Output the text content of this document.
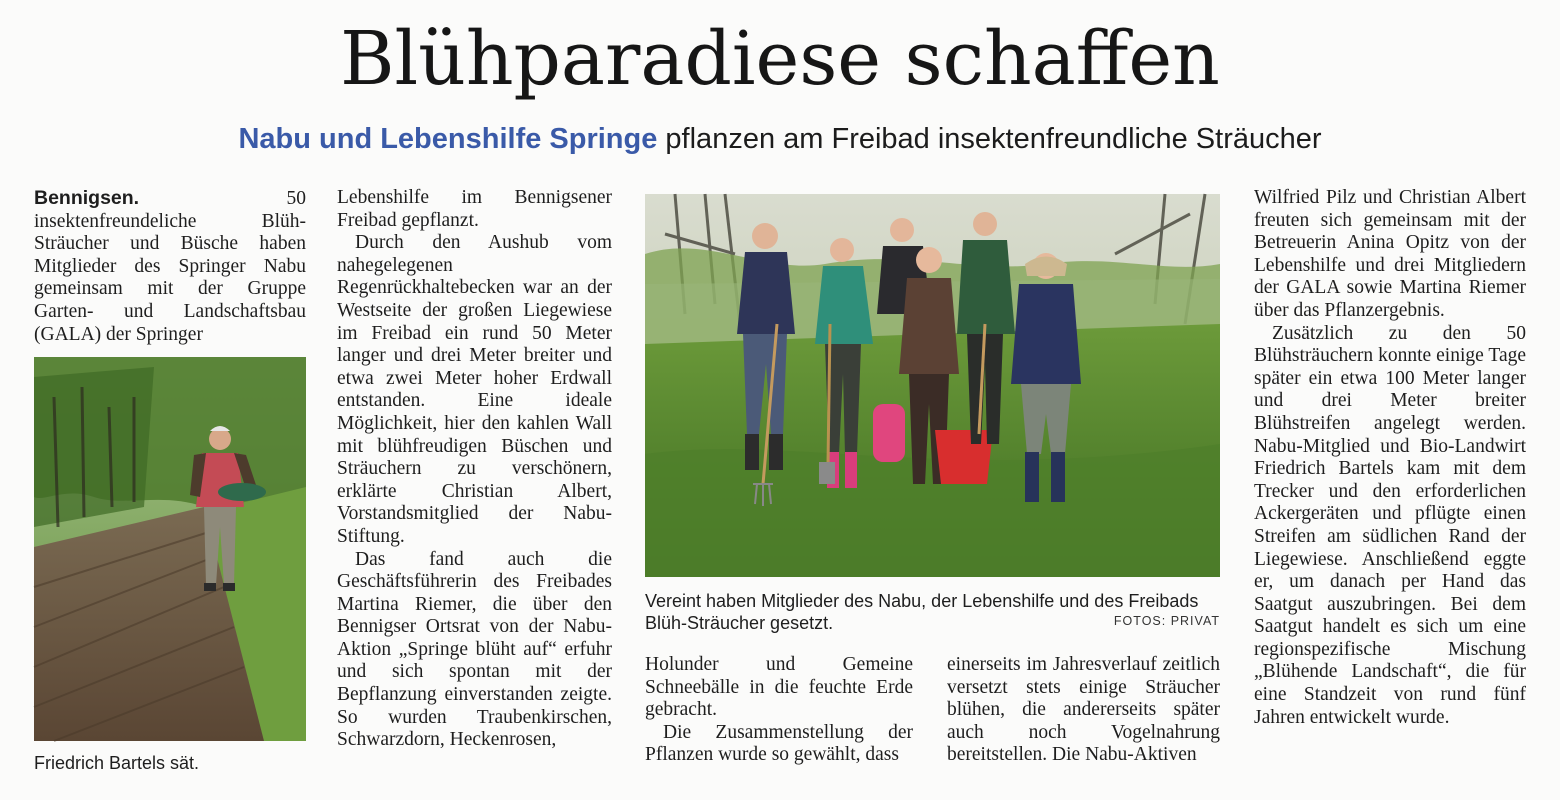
Blühparadiese schaffen
Nabu und Lebenshilfe Springe pflanzen am Freibad insektenfreundliche Sträucher

Bennigsen. 50 insektenfreundeliche Blüh-Sträucher und Büsche haben Mitglieder des Springer Nabu gemeinsam mit der Gruppe Garten- und Landschaftsbau (GALA) der Springer

Friedrich Bartels sät.

Lebenshilfe im Bennigsener Freibad gepflanzt.

Durch den Aushub vom nahegelegenen Regenrückhaltebecken war an der Westseite der großen Liegewiese im Freibad ein rund 50 Meter langer und drei Meter breiter und etwa zwei Meter hoher Erdwall entstanden. Eine ideale Möglichkeit, hier den kahlen Wall mit blühfreudigen Büschen und Sträuchern zu verschönern, erklärte Christian Albert, Vorstandsmitglied der Nabu-Stiftung.

Das fand auch die Geschäftsführerin des Freibades Martina Riemer, die über den Bennigser Ortsrat von der Nabu-Aktion „Springe blüht auf“ erfuhr und sich spontan mit der Bepflanzung einverstanden zeigte. So wurden Traubenkirschen, Schwarzdorn, Heckenrosen,

Vereint haben Mitglieder des Nabu, der Lebenshilfe und des Freibads Blüh-Sträucher gesetzt.	FOTOS: PRIVAT

Holunder und Gemeine Schneebälle in die feuchte Erde gebracht.

Die Zusammenstellung der Pflanzen wurde so gewählt, dass

einerseits im Jahresverlauf zeitlich versetzt stets einige Sträucher blühen, die andererseits später auch noch Vogelnahrung bereitstellen. Die Nabu-Aktiven

Wilfried Pilz und Christian Albert freuten sich gemeinsam mit der Betreuerin Anina Opitz von der Lebenshilfe und drei Mitgliedern der GALA sowie Martina Riemer über das Pflanzergebnis.

Zusätzlich zu den 50 Blühsträuchern konnte einige Tage später ein etwa 100 Meter langer und drei Meter breiter Blühstreifen angelegt werden. Nabu-Mitglied und Bio-Landwirt Friedrich Bartels kam mit dem Trecker und den erforderlichen Ackergeräten und pflügte einen Streifen am südlichen Rand der Liegewiese. Anschließend eggte er, um danach per Hand das Saatgut auszubringen. Bei dem Saatgut handelt es sich um eine regionspezifische Mischung „Blühende Landschaft“, die für eine Standzeit von rund fünf Jahren entwickelt wurde.
